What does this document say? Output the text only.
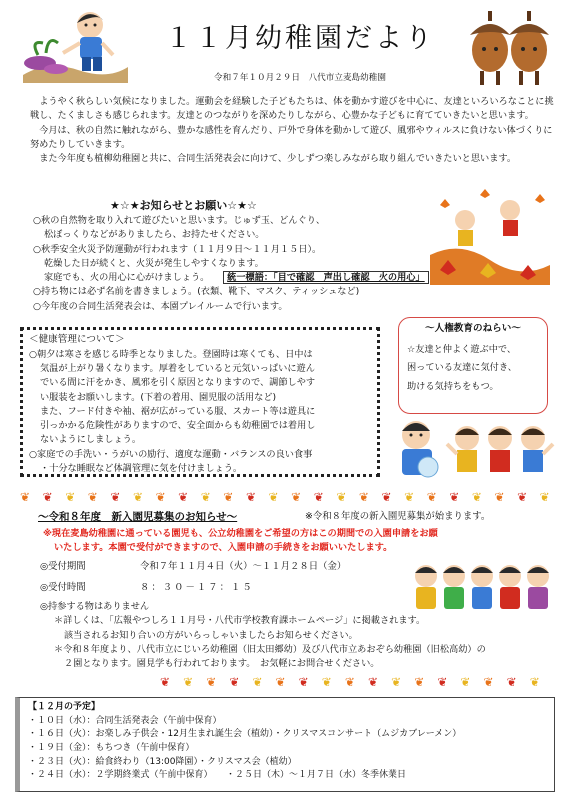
１１月幼稚園だより
令和７年１０月２９日　八代市立麦島幼稚園

ようやく秋らしい気候になりました。運動会を経験した子どもたちは、体を動かす遊びを中心に、友達といろいろなことに挑戦し、たくましさも感じられます。友達とのつながりを深めたりしながら、心豊かな子どもに育てていきたいと思います。

今月は、秋の自然に触れながら、豊かな感性を育んだり、戸外で身体を動かして遊び、風邪やウィルスに負けない体づくりに努めたりしていきます。

また今年度も植柳幼稚園と共に、合同生活発表会に向けて、少しずつ楽しみながら取り組んでいきたいと思います。

★☆★お知らせとお願い☆★☆
○秋の自然物を取り入れて遊びたいと思います。じゅず玉、どんぐり、
松ぼっくりなどがありましたら、お持たせください。
○秋季安全火災予防運動が行われます（１１月９日～１１月１５日）。
乾燥した日が続くと、火災が発生しやすくなります。
家庭でも、火の用心に心がけましょう。　　 統一標語：「目で確認　声出し確認　火の用心」
○持ち物には必ず名前を書きましょう。(衣類、靴下、マスク、ティッシュなど)
○今年度の合同生活発表会は、本園プレイルームで行います。
＜健康管理について＞
○朝夕は寒さを感じる時季となりました。登園時は寒くても、日中は
気温が上がり暑くなります。厚着をしていると元気いっぱいに遊ん
でいる間に汗をかき、風邪を引く原因となりますので、調節しやす
い服装をお願いします。(下着の着用、園児服の活用など)
また、フード付きや袖、裾が広がっている服、スカート等は遊具に
引っかかる危険性がありますので、安全面からも幼稚園では着用し
ないようにしましょう。
○家庭での手洗い・うがいの励行、適度な運動・バランスの良い食事
・十分な睡眠など体調管理に気を付けましょう。
～人権教育のねらい～
☆友達と仲よく遊ぶ中で、
困っている友達に気付き、
助ける気持ちをもつ。
❦ ❦ ❦ ❦ ❦ ❦ ❦ ❦ ❦ ❦ ❦ ❦ ❦ ❦ ❦ ❦ ❦ ❦ ❦ ❦ ❦ ❦ ❦ ❦
～令和８年度　新入園児募集のお知らせ～	※令和８年度の新入園児募集が始まります。
※現在麦島幼稚園に通っている園児も、公立幼稚園をご希望の方はこの期間での入園申請をお願
いたします。本園で受付ができますので、入園申請の手続きをお願いいたします。
◎受付期間	令和７年１１月４日（火）～１１月２８日（金）
◎受付時間	８：３０－１７：１５
◎持参する物はありません
＊詳しくは、「広報やつしろ１１月号・八代市学校教育課ホームページ」に掲載されます。
該当されるお知り合いの方がいらっしゃいましたらお知らせください。
＊令和８年度より、八代市立にじいろ幼稚園（旧太田郷幼）及び八代市立あおぞら幼稚園（旧松高幼）の
２園となります。園見学も行われております。　お気軽にお問合せください。
❦ ❦ ❦ ❦ ❦ ❦ ❦ ❦ ❦ ❦ ❦ ❦ ❦ ❦ ❦ ❦ ❦
【１２月の予定】
・１０日（水）：合同生活発表会（午前中保育）
・１６日（火）：お楽しみ子供会・12月生まれ誕生会（植幼）・クリスマスコンサート（ムジカブレーメン）
・１９日（金）：もちつき（午前中保育）
・２３日（火）：給食終わり（13:00降園）・クリスマス会（植幼）
・２４日（水）：２学期終業式（午前中保育）　　・２５日（木）～１月７日（水）冬季休業日
